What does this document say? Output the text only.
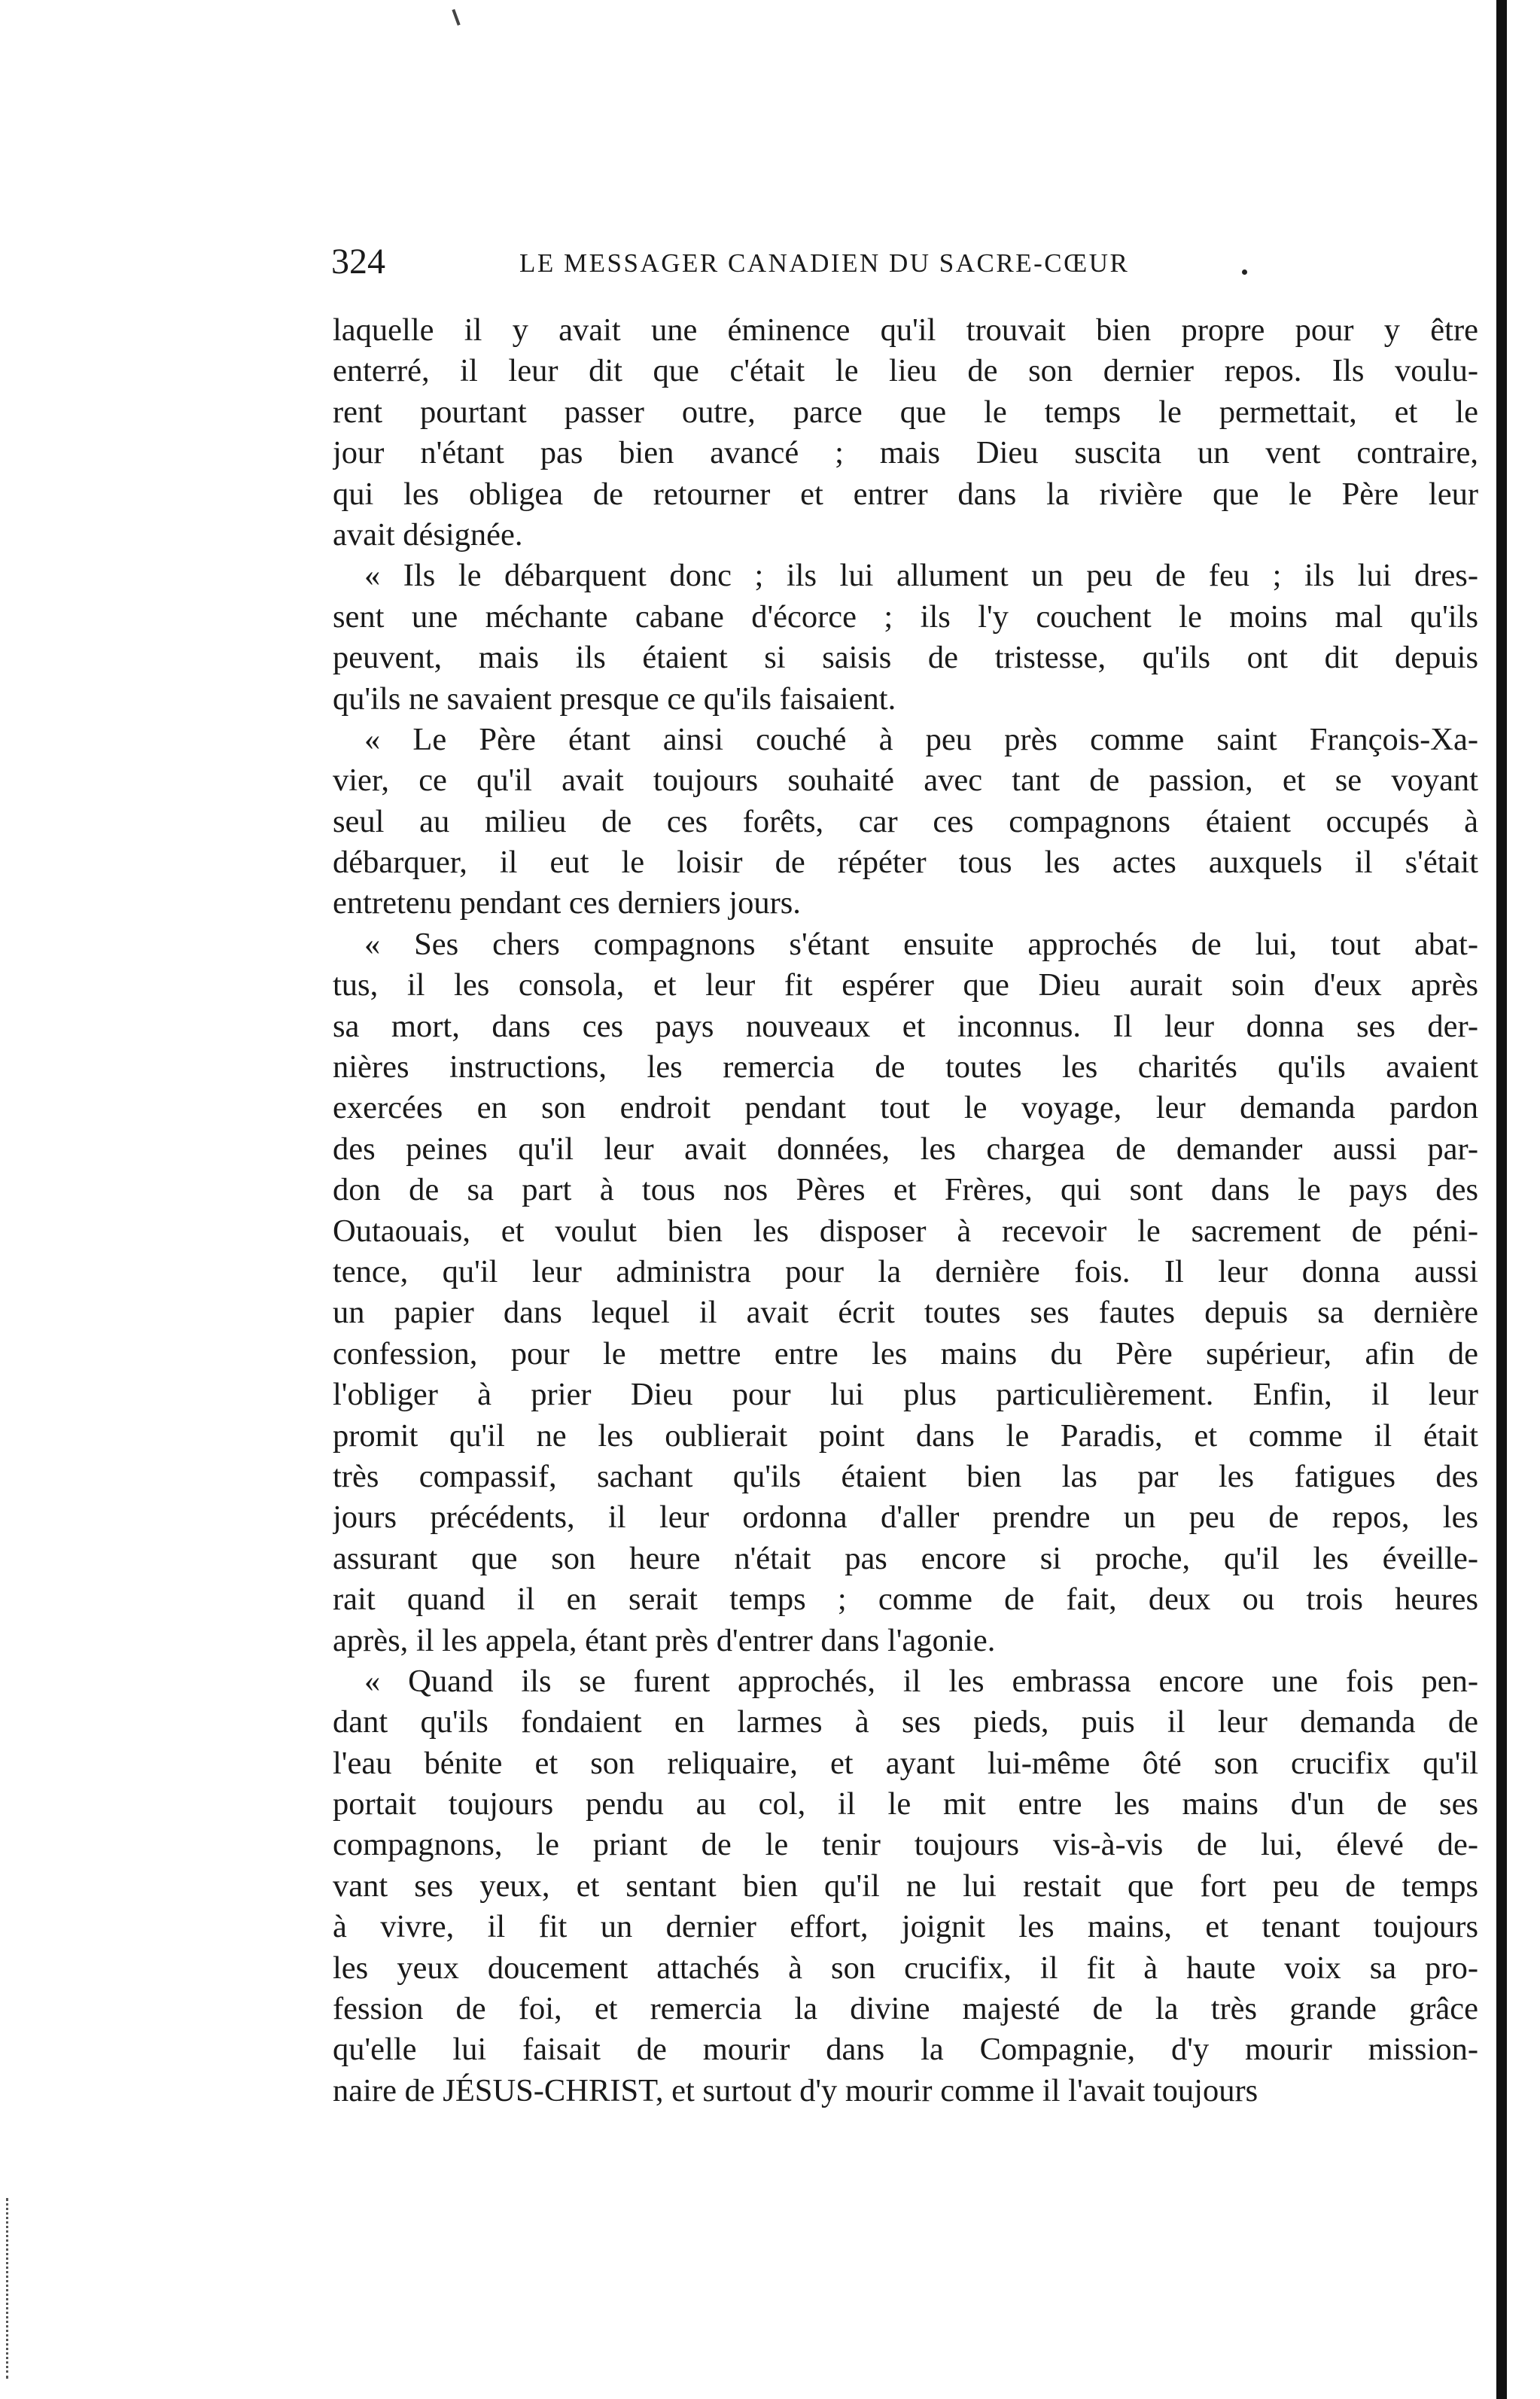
324	LE MESSAGER CANADIEN DU SACRE-CŒUR
laquelle il y avait une éminence qu'il trouvait bien propre pour y être
enterré, il leur dit que c'était le lieu de son dernier repos. Ils voulu-
rent pourtant passer outre, parce que le temps le permettait, et le
jour n'étant pas bien avancé ; mais Dieu suscita un vent contraire,
qui les obligea de retourner et entrer dans la rivière que le Père leur
avait désignée.
« Ils le débarquent donc ; ils lui allument un peu de feu ; ils lui dres-
sent une méchante cabane d'écorce ; ils l'y couchent le moins mal qu'ils
peuvent, mais ils étaient si saisis de tristesse, qu'ils ont dit depuis
qu'ils ne savaient presque ce qu'ils faisaient.
« Le Père étant ainsi couché à peu près comme saint François-Xa-
vier, ce qu'il avait toujours souhaité avec tant de passion, et se voyant
seul au milieu de ces forêts, car ces compagnons étaient occupés à
débarquer, il eut le loisir de répéter tous les actes auxquels il s'était
entretenu pendant ces derniers jours.
« Ses chers compagnons s'étant ensuite approchés de lui, tout abat-
tus, il les consola, et leur fit espérer que Dieu aurait soin d'eux après
sa mort, dans ces pays nouveaux et inconnus. Il leur donna ses der-
nières instructions, les remercia de toutes les charités qu'ils avaient
exercées en son endroit pendant tout le voyage, leur demanda pardon
des peines qu'il leur avait données, les chargea de demander aussi par-
don de sa part à tous nos Pères et Frères, qui sont dans le pays des
Outaouais, et voulut bien les disposer à recevoir le sacrement de péni-
tence, qu'il leur administra pour la dernière fois. Il leur donna aussi
un papier dans lequel il avait écrit toutes ses fautes depuis sa dernière
confession, pour le mettre entre les mains du Père supérieur, afin de
l'obliger à prier Dieu pour lui plus particulièrement. Enfin, il leur
promit qu'il ne les oublierait point dans le Paradis, et comme il était
très compassif, sachant qu'ils étaient bien las par les fatigues des
jours précédents, il leur ordonna d'aller prendre un peu de repos, les
assurant que son heure n'était pas encore si proche, qu'il les éveille-
rait quand il en serait temps ; comme de fait, deux ou trois heures
après, il les appela, étant près d'entrer dans l'agonie.
« Quand ils se furent approchés, il les embrassa encore une fois pen-
dant qu'ils fondaient en larmes à ses pieds, puis il leur demanda de
l'eau bénite et son reliquaire, et ayant lui-même ôté son crucifix qu'il
portait toujours pendu au col, il le mit entre les mains d'un de ses
compagnons, le priant de le tenir toujours vis-à-vis de lui, élevé de-
vant ses yeux, et sentant bien qu'il ne lui restait que fort peu de temps
à vivre, il fit un dernier effort, joignit les mains, et tenant toujours
les yeux doucement attachés à son crucifix, il fit à haute voix sa pro-
fession de foi, et remercia la divine majesté de la très grande grâce
qu'elle lui faisait de mourir dans la Compagnie, d'y mourir mission-
naire de JÉSUS-CHRIST, et surtout d'y mourir comme il l'avait toujours
